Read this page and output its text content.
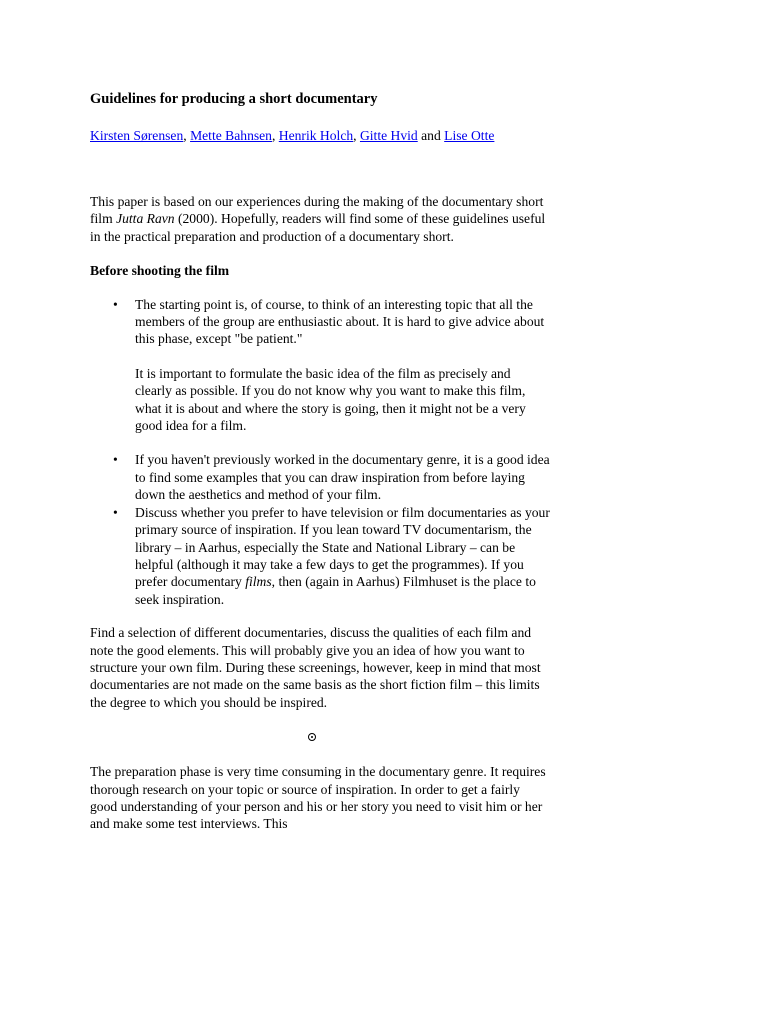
Guidelines for producing a short documentary
Kirsten Sørensen, Mette Bahnsen, Henrik Holch, Gitte Hvid and Lise Otte

This paper is based on our experiences during the making of the documentary short film Jutta Ravn (2000). Hopefully, readers will find some of these guidelines useful in the practical preparation and production of a documentary short.

Before shooting the film
• The starting point is, of course, to think of an interesting topic that all the members of the group are enthusiastic about. It is hard to give advice about this phase, except "be patient."
It is important to formulate the basic idea of the film as precisely and clearly as possible. If you do not know why you want to make this film, what it is about and where the story is going, then it might not be a very good idea for a film.
• If you haven't previously worked in the documentary genre, it is a good idea to find some examples that you can draw inspiration from before laying down the aesthetics and method of your film.
• Discuss whether you prefer to have television or film documentaries as your primary source of inspiration. If you lean toward TV documentarism, the library – in Aarhus, especially the State and National Library – can be helpful (although it may take a few days to get the programmes). If you prefer documentary films, then (again in Aarhus) Filmhuset is the place to seek inspiration.

Find a selection of different documentaries, discuss the qualities of each film and note the good elements. This will probably give you an idea of how you want to structure your own film. During these screenings, however, keep in mind that most documentaries are not made on the same basis as the short fiction film – this limits the degree to which you should be inspired.

The preparation phase is very time consuming in the documentary genre. It requires thorough research on your topic or source of inspiration. In order to get a fairly good understanding of your person and his or her story you need to visit him or her and make some test interviews. This
